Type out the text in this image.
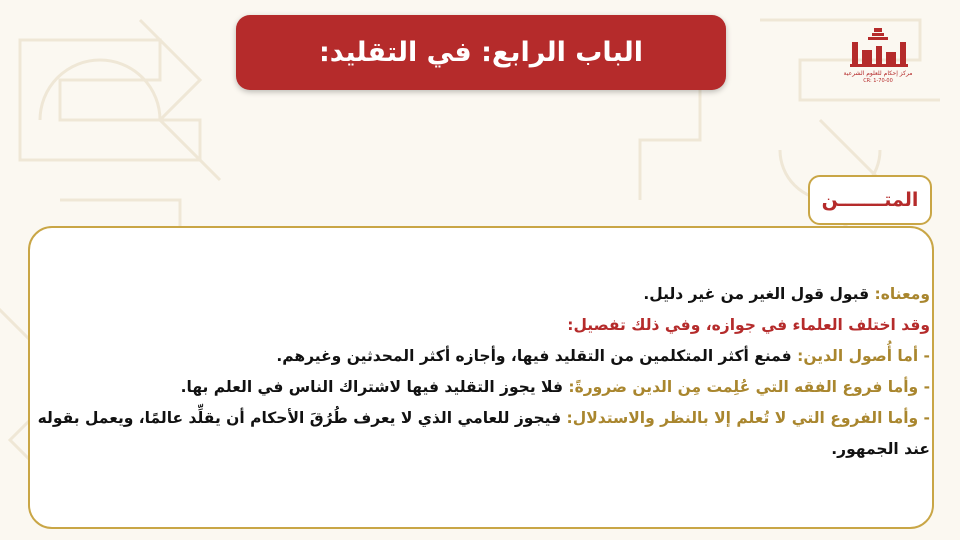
الباب الرابع: في التقليد:
مركز إحكام للعلوم الشرعية
CR: 1-70-00
المتـــــــن

ومعناه: قبول قول الغير من غير دليل.

وقد اختلف العلماء في جوازه، وفي ذلك تفصيل:

- أما أُصول الدين: فمنع أكثر المتكلمين من التقليد فيها، وأجازه أكثر المحدثين وغيرهم.

- وأما فروع الفقه التي عُلِمت مِن الدين ضرورةً: فلا يجوز التقليد فيها لاشتراك الناس في العلم بها.

- وأما الفروع التي لا تُعلم إلا بالنظر والاستدلال: فيجوز للعامي الذي لا يعرف طُرُقَ الأحكام أن يقلِّد عالمًا، ويعمل بقوله عند الجمهور.
